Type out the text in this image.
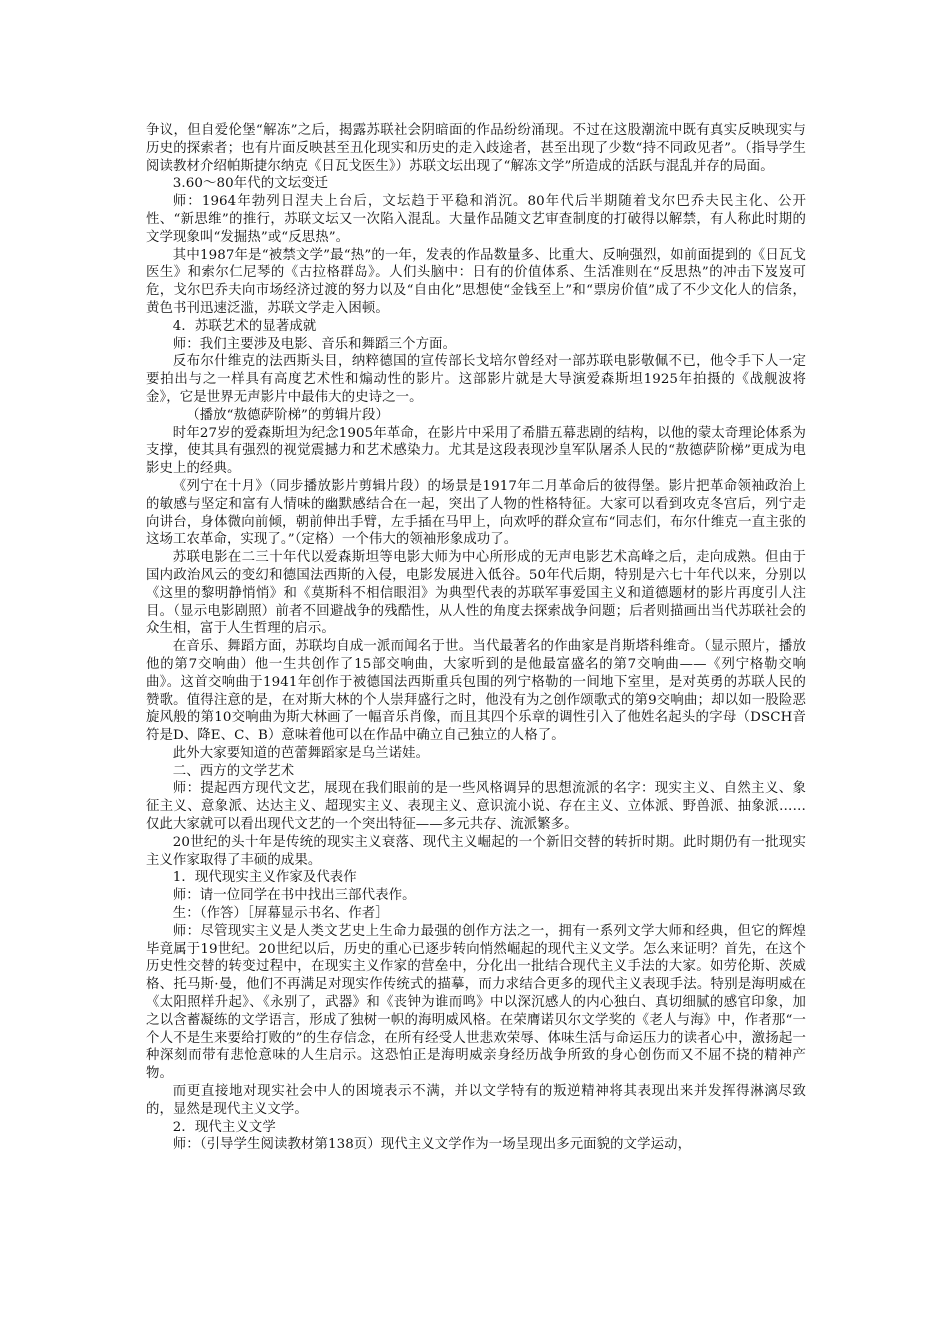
争议，但自爱伦堡“解冻”之后，揭露苏联社会阴暗面的作品纷纷涌现。不过在这股潮流中既有真实反映现实与历史的探索者；也有片面反映甚至丑化现实和历史的走入歧途者，甚至出现了少数“持不同政见者”。（指导学生阅读教材介绍帕斯捷尔纳克《日瓦戈医生》）苏联文坛出现了“解冻文学”所造成的活跃与混乱并存的局面。

3.60～80年代的文坛变迁

师：1964年勃列日涅夫上台后，文坛趋于平稳和消沉。80年代后半期随着戈尔巴乔夫民主化、公开性、“新思维”的推行，苏联文坛又一次陷入混乱。大量作品随文艺审查制度的打破得以解禁，有人称此时期的文学现象叫“发掘热”或“反思热”。

其中1987年是“被禁文学”最“热”的一年，发表的作品数量多、比重大、反响强烈，如前面提到的《日瓦戈医生》和索尔仁尼琴的《古拉格群岛》。人们头脑中：日有的价值体系、生活准则在“反思热”的冲击下岌岌可危，戈尔巴乔夫向市场经济过渡的努力以及“自由化”思想使“金钱至上”和“票房价值”成了不少文化人的信条，黄色书刊迅速泛滥，苏联文学走入困顿。

4．苏联艺术的显著成就

师：我们主要涉及电影、音乐和舞蹈三个方面。

反布尔什维克的法西斯头目，纳粹德国的宣传部长戈培尔曾经对一部苏联电影敬佩不已，他令手下人一定要拍出与之一样具有高度艺术性和煽动性的影片。这部影片就是大导演爱森斯坦1925年拍摄的《战舰波将金》，它是世界无声影片中最伟大的史诗之一。

（播放“敖德萨阶梯”的剪辑片段）

时年27岁的爱森斯坦为纪念1905年革命，在影片中采用了希腊五幕悲剧的结构，以他的蒙太奇理论体系为支撑，使其具有强烈的视觉震撼力和艺术感染力。尤其是这段表现沙皇军队屠杀人民的“敖德萨阶梯”更成为电影史上的经典。

《列宁在十月》（同步播放影片剪辑片段）的场景是1917年二月革命后的彼得堡。影片把革命领袖政治上的敏感与坚定和富有人情味的幽默感结合在一起，突出了人物的性格特征。大家可以看到攻克冬宫后，列宁走向讲台，身体微向前倾，朝前伸出手臂，左手插在马甲上，向欢呼的群众宣布“同志们，布尔什维克一直主张的这场工农革命，实现了。”（定格）一个伟大的领袖形象成功了。

苏联电影在二三十年代以爱森斯坦等电影大师为中心所形成的无声电影艺术高峰之后，走向成熟。但由于国内政治风云的变幻和德国法西斯的入侵，电影发展进入低谷。50年代后期，特别是六七十年代以来，分别以《这里的黎明静悄悄》和《莫斯科不相信眼泪》为典型代表的苏联军事爱国主义和道德题材的影片再度引人注目。（显示电影剧照）前者不回避战争的残酷性，从人性的角度去探索战争问题；后者则描画出当代苏联社会的众生相，富于人生哲理的启示。

在音乐、舞蹈方面，苏联均自成一派而闻名于世。当代最著名的作曲家是肖斯塔科维奇。（显示照片，播放他的第7交响曲）他一生共创作了15部交响曲，大家听到的是他最富盛名的第7交响曲——《列宁格勒交响曲》。这首交响曲于1941年创作于被德国法西斯重兵包围的列宁格勒的一间地下室里，是对英勇的苏联人民的赞歌。值得注意的是，在对斯大林的个人崇拜盛行之时，他没有为之创作颂歌式的第9交响曲；却以如一股险恶旋风般的第10交响曲为斯大林画了一幅音乐肖像，而且其四个乐章的调性引入了他姓名起头的字母（DSCH音符是D、降E、C、B）意味着他可以在作品中确立自己独立的人格了。

此外大家要知道的芭蕾舞蹈家是乌兰诺娃。

二、西方的文学艺术

师：提起西方现代文艺，展现在我们眼前的是一些风格调异的思想流派的名字：现实主义、自然主义、象征主义、意象派、达达主义、超现实主义、表现主义、意识流小说、存在主义、立体派、野兽派、抽象派……仅此大家就可以看出现代文艺的一个突出特征——多元共存、流派繁多。

20世纪的头十年是传统的现实主义衰落、现代主义崛起的一个新旧交替的转折时期。此时期仍有一批现实主义作家取得了丰硕的成果。

1．现代现实主义作家及代表作

师：请一位同学在书中找出三部代表作。

生：（作答）［屏幕显示书名、作者］

师：尽管现实主义是人类文艺史上生命力最强的创作方法之一，拥有一系列文学大师和经典，但它的辉煌毕竟属于19世纪。20世纪以后，历史的重心已逐步转向悄然崛起的现代主义文学。怎么来证明？首先，在这个历史性交替的转变过程中，在现实主义作家的营垒中，分化出一批结合现代主义手法的大家。如劳伦斯、茨威格、托马斯·曼，他们不再满足对现实作传统式的描摹，而力求结合更多的现代主义表现手法。特别是海明威在《太阳照样升起》、《永别了，武器》和《丧钟为谁而鸣》中以深沉感人的内心独白、真切细腻的感官印象，加之以含蓄凝练的文学语言，形成了独树一帜的海明威风格。在荣膺诺贝尔文学奖的《老人与海》中，作者那“一个人不是生来要给打败的”的生存信念，在所有经受人世悲欢荣辱、体味生活与命运压力的读者心中，激扬起一种深刻而带有悲怆意味的人生启示。这恐怕正是海明威亲身经历战争所致的身心创伤而又不屈不挠的精神产物。

而更直接地对现实社会中人的困境表示不满，并以文学特有的叛逆精神将其表现出来并发挥得淋漓尽致的，显然是现代主义文学。

2．现代主义文学

师：（引导学生阅读教材第138页）现代主义文学作为一场呈现出多元面貌的文学运动，
